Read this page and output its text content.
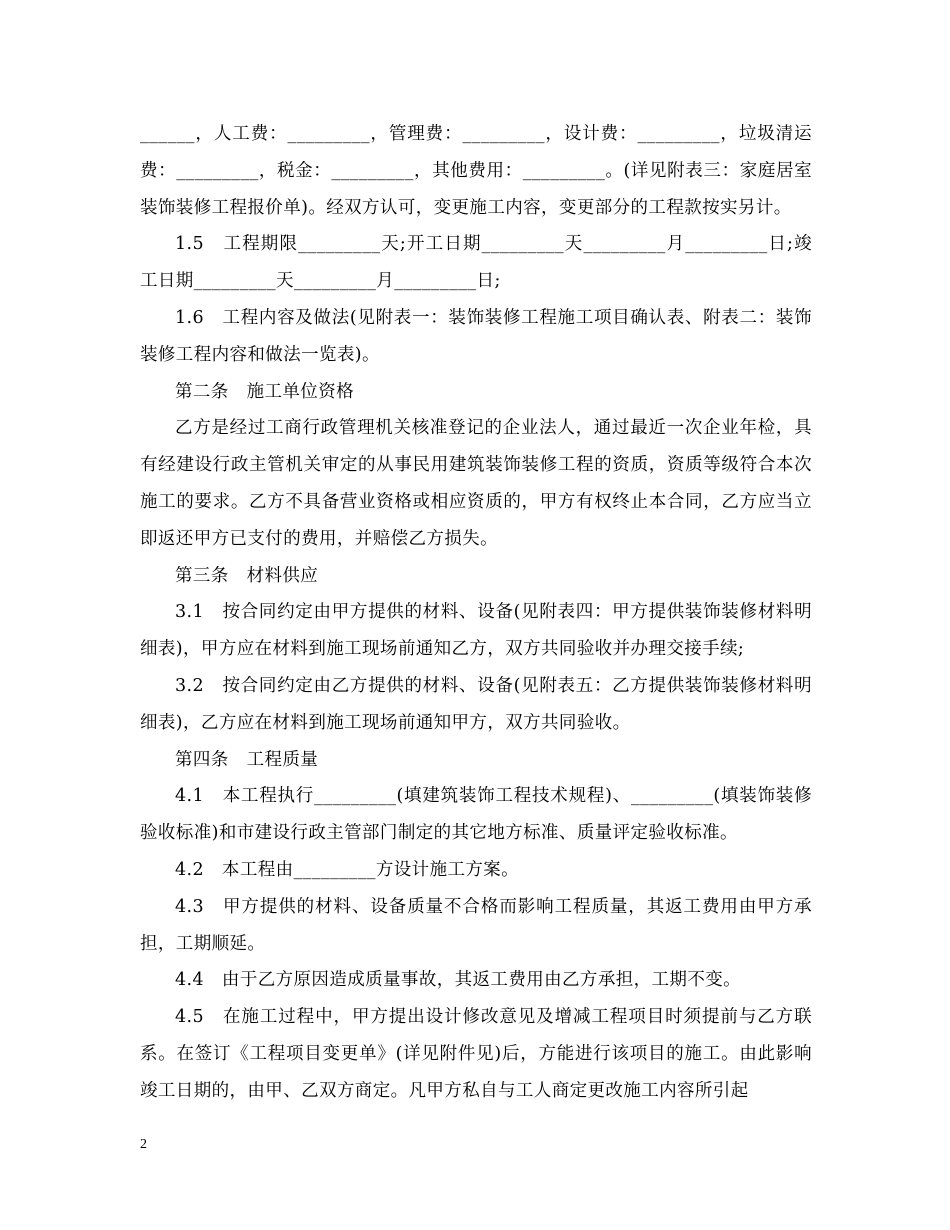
______，人工费：_________，管理费：_________，设计费：_________，垃圾清运费：_________，税金：_________，其他费用：_________。(详见附表三：家庭居室装饰装修工程报价单)。经双方认可，变更施工内容，变更部分的工程款按实另计。

1.5　工程期限_________天;开工日期_________天_________月_________日;竣工日期_________天_________月_________日;

1.6　工程内容及做法(见附表一：装饰装修工程施工项目确认表、附表二：装饰装修工程内容和做法一览表)。

第二条　施工单位资格

乙方是经过工商行政管理机关核准登记的企业法人，通过最近一次企业年检，具有经建设行政主管机关审定的从事民用建筑装饰装修工程的资质，资质等级符合本次施工的要求。乙方不具备营业资格或相应资质的，甲方有权终止本合同，乙方应当立即返还甲方已支付的费用，并赔偿乙方损失。

第三条　材料供应

3.1　按合同约定由甲方提供的材料、设备(见附表四：甲方提供装饰装修材料明细表)，甲方应在材料到施工现场前通知乙方，双方共同验收并办理交接手续;

3.2　按合同约定由乙方提供的材料、设备(见附表五：乙方提供装饰装修材料明细表)，乙方应在材料到施工现场前通知甲方，双方共同验收。

第四条　工程质量

4.1　本工程执行_________(填建筑装饰工程技术规程)、_________(填装饰装修验收标准)和市建设行政主管部门制定的其它地方标准、质量评定验收标准。

4.2　本工程由_________方设计施工方案。

4.3　甲方提供的材料、设备质量不合格而影响工程质量，其返工费用由甲方承担，工期顺延。

4.4　由于乙方原因造成质量事故，其返工费用由乙方承担，工期不变。

4.5　在施工过程中，甲方提出设计修改意见及增减工程项目时须提前与乙方联系。在签订《工程项目变更单》(详见附件见)后，方能进行该项目的施工。由此影响竣工日期的，由甲、乙双方商定。凡甲方私自与工人商定更改施工内容所引起

2
